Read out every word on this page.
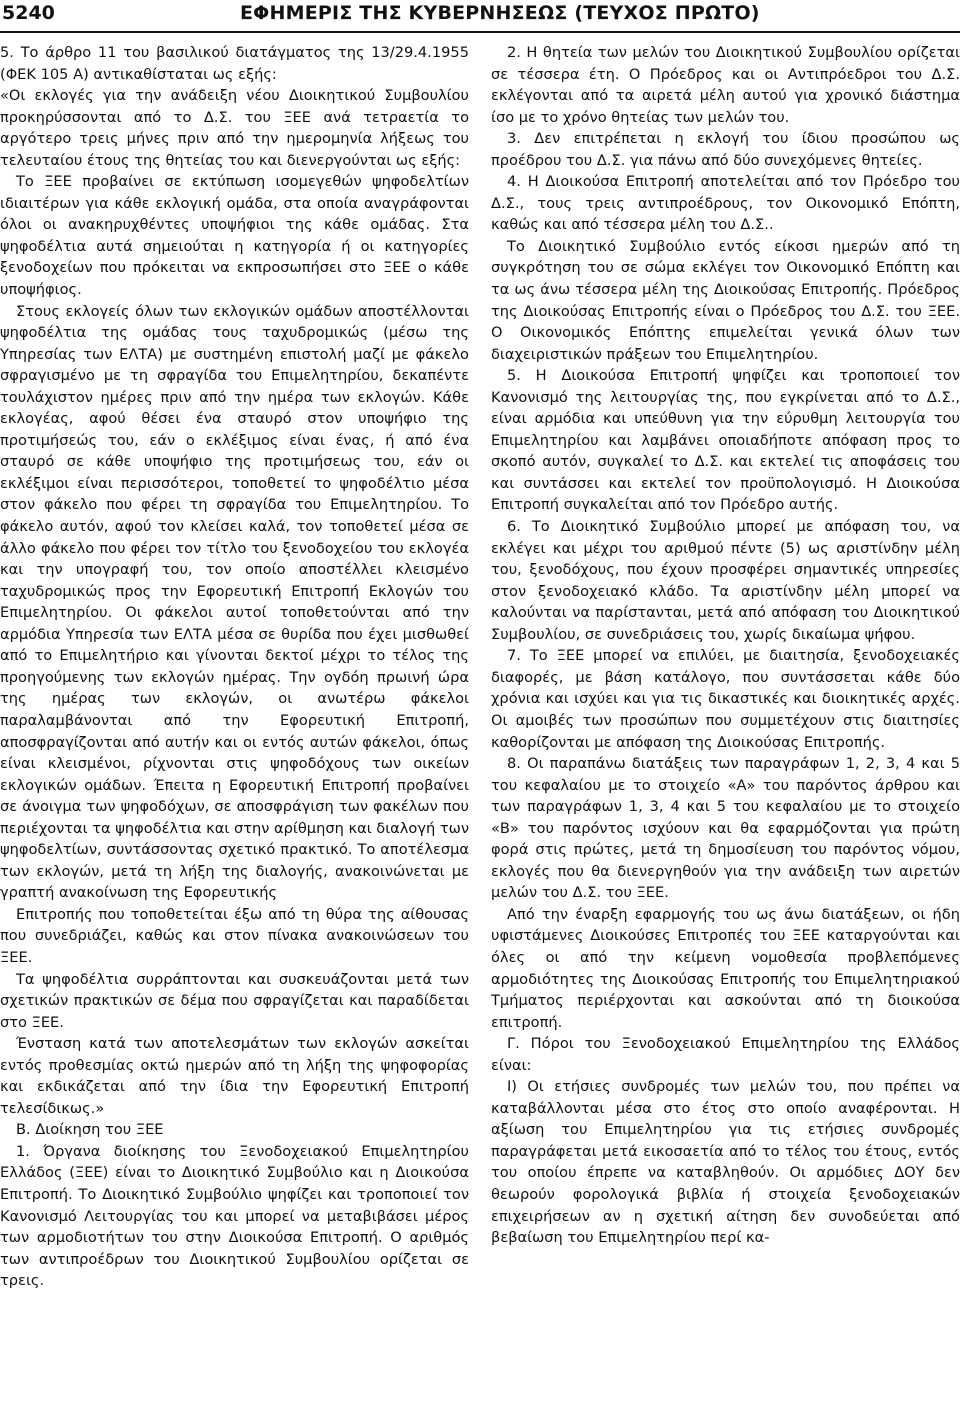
5240	ΕΦΗΜΕΡΙΣ ΤΗΣ ΚΥΒΕΡΝΗΣΕΩΣ (ΤΕΥΧΟΣ ΠΡΩΤΟ)

5. Το άρθρο 11 του βασιλικού διατάγματος της 13/29.4.1955 (ΦΕΚ 105 Α) αντικαθίσταται ως εξής:

«Οι εκλογές για την ανάδειξη νέου Διοικητικού Συμβουλίου προκηρύσσονται από το Δ.Σ. του ΞΕΕ ανά τετραετία το αργότερο τρεις μήνες πριν από την ημερομηνία λήξεως του τελευταίου έτους της θητείας του και διενεργούνται ως εξής:

Το ΞΕΕ προβαίνει σε εκτύπωση ισομεγεθών ψηφοδελτίων ιδιαιτέρων για κάθε εκλογική ομάδα, στα οποία αναγράφονται όλοι οι ανακηρυχθέντες υποψήφιοι της κάθε ομάδας. Στα ψηφοδέλτια αυτά σημειούται η κατηγορία ή οι κατηγορίες ξενοδοχείων που πρόκειται να εκπροσωπήσει στο ΞΕΕ ο κάθε υποψήφιος.

Στους εκλογείς όλων των εκλογικών ομάδων αποστέλλονται ψηφοδέλτια της ομάδας τους ταχυδρομικώς (μέσω της Υπηρεσίας των ΕΛΤΑ) με συστημένη επιστολή μαζί με φάκελο σφραγισμένο με τη σφραγίδα του Επιμελητηρίου, δεκαπέντε τουλάχιστον ημέρες πριν από την ημέρα των εκλογών. Κάθε εκλογέας, αφού θέσει ένα σταυρό στον υποψήφιο της προτιμήσεώς του, εάν ο εκλέξιμος είναι ένας, ή από ένα σταυρό σε κάθε υποψήφιο της προτιμήσεως του, εάν οι εκλέξιμοι είναι περισσότεροι, τοποθετεί το ψηφοδέλτιο μέσα στον φάκελο που φέρει τη σφραγίδα του Επιμελητηρίου. Το φάκελο αυτόν, αφού τον κλείσει καλά, τον τοποθετεί μέσα σε άλλο φάκελο που φέρει τον τίτλο του ξενοδοχείου του εκλογέα και την υπογραφή του, τον οποίο αποστέλλει κλεισμένο ταχυδρομικώς προς την Εφορευτική Επιτροπή Εκλογών του Επιμελητηρίου. Οι φάκελοι αυτοί τοποθετούνται από την αρμόδια Υπηρεσία των ΕΛΤΑ μέσα σε θυρίδα που έχει μισθωθεί από το Επιμελητήριο και γίνονται δεκτοί μέχρι το τέλος της προηγούμενης των εκλογών ημέρας. Την ογδόη πρωινή ώρα της ημέρας των εκλογών, οι ανωτέρω φάκελοι παραλαμβάνονται από την Εφορευτική Επιτροπή, αποσφραγίζονται από αυτήν και οι εντός αυτών φάκελοι, όπως είναι κλεισμένοι, ρίχνονται στις ψηφοδόχους των οικείων εκλογικών ομάδων. Έπειτα η Εφορευτική Επιτροπή προβαίνει σε άνοιγμα των ψηφοδόχων, σε αποσφράγιση των φακέλων που περιέχονται τα ψηφοδέλτια και στην αρίθμηση και διαλογή των ψηφοδελτίων, συντάσσοντας σχετικό πρακτικό. Το αποτέλεσμα των εκλογών, μετά τη λήξη της διαλογής, ανακοινώνεται με γραπτή ανακοίνωση της Εφορευτικής

Επιτροπής που τοποθετείται έξω από τη θύρα της αίθουσας που συνεδριάζει, καθώς και στον πίνακα ανακοινώσεων του ΞΕΕ.

Τα ψηφοδέλτια συρράπτονται και συσκευάζονται μετά των σχετικών πρακτικών σε δέμα που σφραγίζεται και παραδίδεται στο ΞΕΕ.

Ένσταση κατά των αποτελεσμάτων των εκλογών ασκείται εντός προθεσμίας οκτώ ημερών από τη λήξη της ψηφοφορίας και εκδικάζεται από την ίδια την Εφορευτική Επιτροπή τελεσίδικως.»

Β. Διοίκηση του ΞΕΕ

1. Όργανα διοίκησης του Ξενοδοχειακού Επιμελητηρίου Ελλάδος (ΞΕΕ) είναι το Διοικητικό Συμβούλιο και η Διοικούσα Επιτροπή. Το Διοικητικό Συμβούλιο ψηφίζει και τροποποιεί τον Κανονισμό Λειτουργίας του και μπορεί να μεταβιβάσει μέρος των αρμοδιοτήτων του στην Διοικούσα Επιτροπή. Ο αριθμός των αντιπροέδρων του Διοικητικού Συμβουλίου ορίζεται σε τρεις.

2. Η θητεία των μελών του Διοικητικού Συμβουλίου ορίζεται σε τέσσερα έτη. Ο Πρόεδρος και οι Αντιπρόεδροι του Δ.Σ. εκλέγονται από τα αιρετά μέλη αυτού για χρονικό διάστημα ίσο με το χρόνο θητείας των μελών του.

3. Δεν επιτρέπεται η εκλογή του ίδιου προσώπου ως προέδρου του Δ.Σ. για πάνω από δύο συνεχόμενες θητείες.

4. Η Διοικούσα Επιτροπή αποτελείται από τον Πρόεδρο του Δ.Σ., τους τρεις αντιπροέδρους, τον Οικονομικό Επόπτη, καθώς και από τέσσερα μέλη του Δ.Σ..

Το Διοικητικό Συμβούλιο εντός είκοσι ημερών από τη συγκρότηση του σε σώμα εκλέγει τον Οικονομικό Επόπτη και τα ως άνω τέσσερα μέλη της Διοικούσας Επιτροπής. Πρόεδρος της Διοικούσας Επιτροπής είναι ο Πρόεδρος του Δ.Σ. του ΞΕΕ. Ο Οικονομικός Επόπτης επιμελείται γενικά όλων των διαχειριστικών πράξεων του Επιμελητηρίου.

5. Η Διοικούσα Επιτροπή ψηφίζει και τροποποιεί τον Κανονισμό της λειτουργίας της, που εγκρίνεται από το Δ.Σ., είναι αρμόδια και υπεύθυνη για την εύρυθμη λειτουργία του Επιμελητηρίου και λαμβάνει οποιαδήποτε απόφαση προς το σκοπό αυτόν, συγκαλεί το Δ.Σ. και εκτελεί τις αποφάσεις του και συντάσσει και εκτελεί τον προϋπολογισμό. Η Διοικούσα Επιτροπή συγκαλείται από τον Πρόεδρο αυτής.

6. Το Διοικητικό Συμβούλιο μπορεί με απόφαση του, να εκλέγει και μέχρι του αριθμού πέντε (5) ως αριστίνδην μέλη του, ξενοδόχους, που έχουν προσφέρει σημαντικές υπηρεσίες στον ξενοδοχειακό κλάδο. Τα αριστίνδην μέλη μπορεί να καλούνται να παρίστανται, μετά από απόφαση του Διοικητικού Συμβουλίου, σε συνεδριάσεις του, χωρίς δικαίωμα ψήφου.

7. Το ΞΕΕ μπορεί να επιλύει, με διαιτησία, ξενοδοχειακές διαφορές, με βάση κατάλογο, που συντάσσεται κάθε δύο χρόνια και ισχύει και για τις δικαστικές και διοικητικές αρχές. Οι αμοιβές των προσώπων που συμμετέχουν στις διαιτησίες καθορίζονται με απόφαση της Διοικούσας Επιτροπής.

8. Οι παραπάνω διατάξεις των παραγράφων 1, 2, 3, 4 και 5 του κεφαλαίου με το στοιχείο «Α» του παρόντος άρθρου και των παραγράφων 1, 3, 4 και 5 του κεφαλαίου με το στοιχείο «Β» του παρόντος ισχύουν και θα εφαρμόζονται για πρώτη φορά στις πρώτες, μετά τη δημοσίευση του παρόντος νόμου, εκλογές που θα διενεργηθούν για την ανάδειξη των αιρετών μελών του Δ.Σ. του ΞΕΕ.

Από την έναρξη εφαρμογής του ως άνω διατάξεων, οι ήδη υφιστάμενες Διοικούσες Επιτροπές του ΞΕΕ καταργούνται και όλες οι από την κείμενη νομοθεσία προβλεπόμενες αρμοδιότητες της Διοικούσας Επιτροπής του Επιμελητηριακού Τμήματος περιέρχονται και ασκούνται από τη διοικούσα επιτροπή.

Γ. Πόροι του Ξενοδοχειακού Επιμελητηρίου της Ελλάδος είναι:

Ι) Οι ετήσιες συνδρομές των μελών του, που πρέπει να καταβάλλονται μέσα στο έτος στο οποίο αναφέρονται. Η αξίωση του Επιμελητηρίου για τις ετήσιες συνδρομές παραγράφεται μετά εικοσαετία από το τέλος του έτους, εντός του οποίου έπρεπε να καταβληθούν. Οι αρμόδιες ΔΟΥ δεν θεωρούν φορολογικά βιβλία ή στοιχεία ξενοδοχειακών επιχειρήσεων αν η σχετική αίτηση δεν συνοδεύεται από βεβαίωση του Επιμελητηρίου περί κα-
